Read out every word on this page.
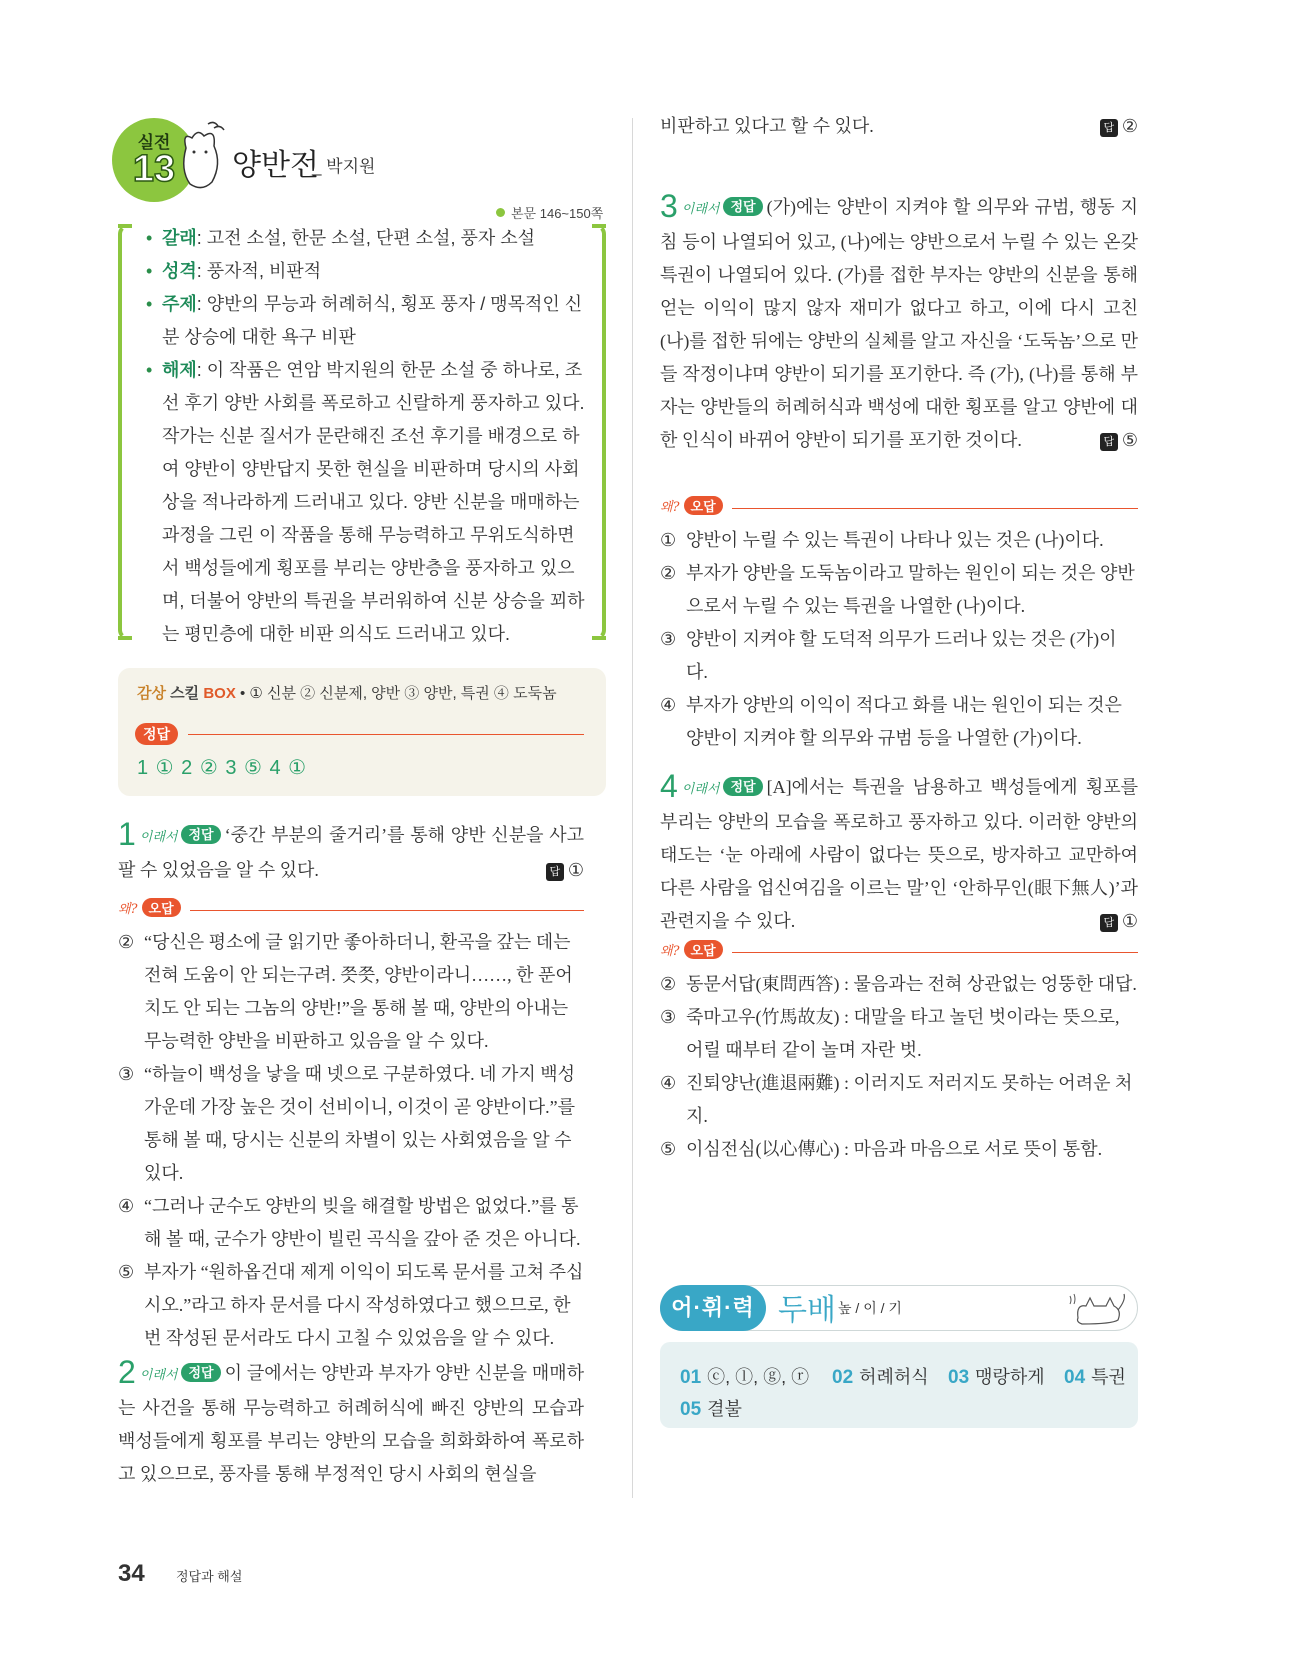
실전
13	양반전
_ 박지원
본문 146~150쪽
• 갈래: 고전 소설, 한문 소설, 단편 소설, 풍자 소설
• 성격: 풍자적, 비판적
• 주제: 양반의 무능과 허례허식, 횡포 풍자 / 맹목적인 신분 상승에 대한 욕구 비판
• 해제: 이 작품은 연암 박지원의 한문 소설 중 하나로, 조선 후기 양반 사회를 폭로하고 신랄하게 풍자하고 있다. 작가는 신분 질서가 문란해진 조선 후기를 배경으로 하여 양반이 양반답지 못한 현실을 비판하며 당시의 사회상을 적나라하게 드러내고 있다. 양반 신분을 매매하는 과정을 그린 이 작품을 통해 무능력하고 무위도식하면서 백성들에게 횡포를 부리는 양반층을 풍자하고 있으며, 더불어 양반의 특권을 부러워하여 신분 상승을 꾀하는 평민층에 대한 비판 의식도 드러내고 있다.
감상 스킬 BOX • ① 신분 ② 신분제, 양반 ③ 양반, 특권 ④ 도둑놈
정답
1 ① 2 ② 3 ⑤ 4 ①
1 이래서 정답 ‘중간 부분의 줄거리’를 통해 양반 신분을 사고팔 수 있었음을 알 수 있다.	답 ①
왜? 오답
② “당신은 평소에 글 읽기만 좋아하더니, 환곡을 갚는 데는 전혀 도움이 안 되는구려. 쯧쯧, 양반이라니……, 한 푼어치도 안 되는 그놈의 양반!”을 통해 볼 때, 양반의 아내는 무능력한 양반을 비판하고 있음을 알 수 있다.
③ “하늘이 백성을 낳을 때 넷으로 구분하였다. 네 가지 백성 가운데 가장 높은 것이 선비이니, 이것이 곧 양반이다.”를 통해 볼 때, 당시는 신분의 차별이 있는 사회였음을 알 수 있다.
④ “그러나 군수도 양반의 빚을 해결할 방법은 없었다.”를 통해 볼 때, 군수가 양반이 빌린 곡식을 갚아 준 것은 아니다.
⑤ 부자가 “원하옵건대 제게 이익이 되도록 문서를 고쳐 주십시오.”라고 하자 문서를 다시 작성하였다고 했으므로, 한 번 작성된 문서라도 다시 고칠 수 있었음을 알 수 있다.
2 이래서 정답 이 글에서는 양반과 부자가 양반 신분을 매매하는 사건을 통해 무능력하고 허례허식에 빠진 양반의 모습과 백성들에게 횡포를 부리는 양반의 모습을 희화화하여 폭로하고 있으므로, 풍자를 통해 부정적인 당시 사회의 현실을
비판하고 있다고 할 수 있다.	답 ②
3 이래서 정답 (가)에는 양반이 지켜야 할 의무와 규범, 행동 지침 등이 나열되어 있고, (나)에는 양반으로서 누릴 수 있는 온갖 특권이 나열되어 있다. (가)를 접한 부자는 양반의 신분을 통해 얻는 이익이 많지 않자 재미가 없다고 하고, 이에 다시 고친 (나)를 접한 뒤에는 양반의 실체를 알고 자신을 ‘도둑놈’으로 만들 작정이냐며 양반이 되기를 포기한다. 즉 (가), (나)를 통해 부자는 양반들의 허례허식과 백성에 대한 횡포를 알고 양반에 대한 인식이 바뀌어 양반이 되기를 포기한 것이다.	답 ⑤
왜? 오답
① 양반이 누릴 수 있는 특권이 나타나 있는 것은 (나)이다.
② 부자가 양반을 도둑놈이라고 말하는 원인이 되는 것은 양반으로서 누릴 수 있는 특권을 나열한 (나)이다.
③ 양반이 지켜야 할 도덕적 의무가 드러나 있는 것은 (가)이다.
④ 부자가 양반의 이익이 적다고 화를 내는 원인이 되는 것은 양반이 지켜야 할 의무와 규범 등을 나열한 (가)이다.
4 이래서 정답 [A]에서는 특권을 남용하고 백성들에게 횡포를 부리는 양반의 모습을 폭로하고 풍자하고 있다. 이러한 양반의 태도는 ‘눈 아래에 사람이 없다는 뜻으로, 방자하고 교만하여 다른 사람을 업신여김을 이르는 말’인 ‘안하무인(眼下無人)’과 관련지을 수 있다.	답 ①
왜? 오답
② 동문서답(東問西答) : 물음과는 전혀 상관없는 엉뚱한 대답.
③ 죽마고우(竹馬故友) : 대말을 타고 놀던 벗이라는 뜻으로, 어릴 때부터 같이 놀며 자란 벗.
④ 진퇴양난(進退兩難) : 이러지도 저러지도 못하는 어려운 처지.
⑤ 이심전심(以心傳心) : 마음과 마음으로 서로 뜻이 통함.
어·휘·력 두배 높 / 이 / 기
01 ⓒ, ⓛ, ⓖ, ⓡ 02 허례허식 03 맹랑하게 04 특권
05 결불
34 정답과 해설
